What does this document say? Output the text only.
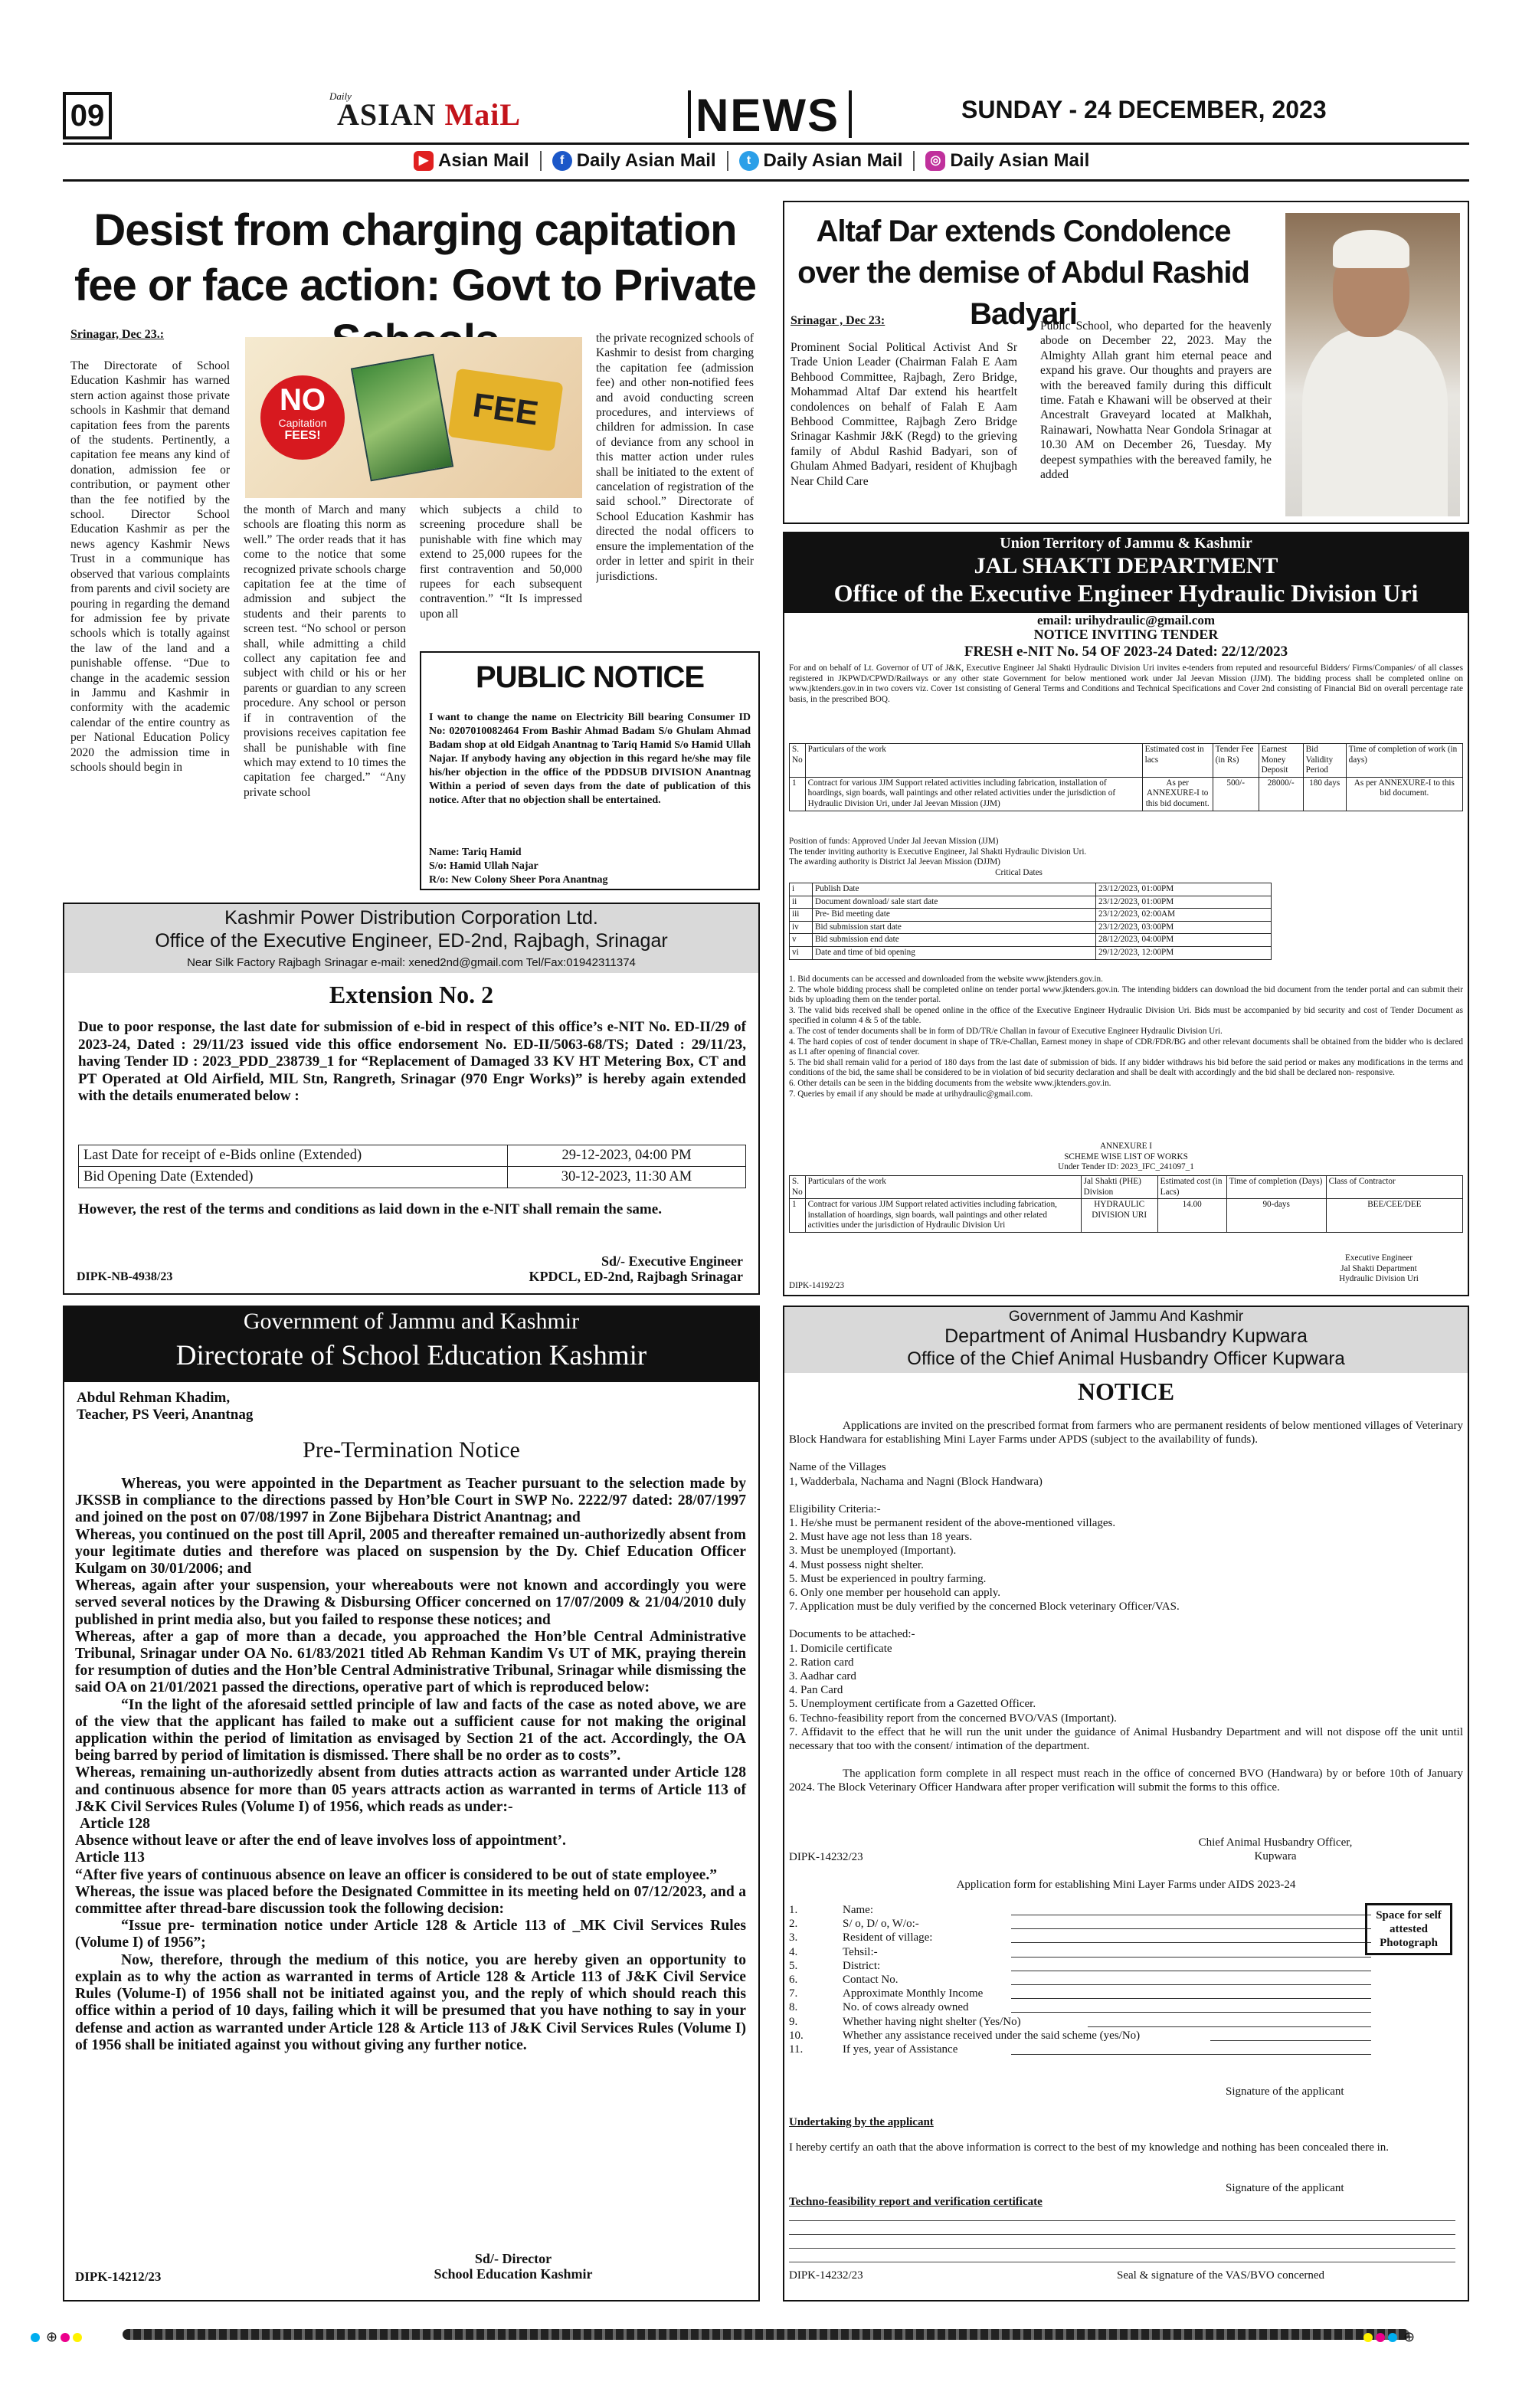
09
Daily
ASIAN MaiL	NEWS	SUNDAY - 24 DECEMBER, 2023
▶ Asian Mail	f Daily Asian Mail	t Daily Asian Mail	◎ Daily Asian Mail
Desist from charging capitation fee or face action: Govt to Private
Srinagar, Dec 23.:
The Directorate of School Education Kashmir has warned stern action against those private schools in Kashmir that demand capitation fees from the parents of the students. Pertinently, a capitation fee means any kind of donation, admission fee or contribution, or payment other than the fee notified by the school. Director School Education Kashmir as per the news agency Kashmir News Trust in a communique has observed that various complaints from parents and civil society are pouring in regarding the demand for admission fee by private schools which is totally against the law of the land and a punishable offense. “Due to change in the academic session in Jammu and Kashmir in conformity with the academic calendar of the entire country as per National Education Policy 2020 the admission time in schools should begin in
NO
Capitation
FEES!
FEE
the month of March and many schools are floating this norm as well.” The order reads that it has come to the notice that some recognized private schools charge capitation fee at the time of admission and subject the students and their parents to screen test. “No school or person shall, while admitting a child collect any capitation fee and subject with child or his or her parents or guardian to any screen procedure. Any school or person if in contravention of the provisions receives capitation fee shall be punishable with fine which may extend to 10 times the capitation fee charged.” “Any private school
which subjects a child to screening procedure shall be punishable with fine which may extend to 25,000 rupees for the first contravention and 50,000 rupees for each subsequent contravention.” “It Is impressed upon all
the private recognized schools of Kashmir to desist from charging the capitation fee (admission fee) and other non-notified fees and avoid conducting screen procedures, and interviews of children for admission. In case of deviance from any school in this matter action under rules shall be initiated to the extent of cancelation of registration of the said school.” Directorate of School Education Kashmir has directed the nodal officers to ensure the implementation of the order in letter and spirit in their jurisdictions.
PUBLIC NOTICE
I want to change the name on Electricity Bill bearing Consumer ID No: 0207010082464 From Bashir Ahmad Badam S/o Ghulam Ahmad Badam shop at old Eidgah Anantnag to Tariq Hamid S/o Hamid Ullah Najar. If anybody having any objection in this regard he/she may file his/her objection in the office of the PDDSUB DIVISION Anantnag Within a period of seven days from the date of publication of this notice. After that no objection shall be entertained.
Name: Tariq Hamid
S/o: Hamid Ullah Najar
R/o: New Colony Sheer Pora Anantnag
Altaf Dar extends Condolence over the demise of Abdul Rashid Badyari
Srinagar , Dec 23:
Prominent Social Political Activist And Sr Trade Union Leader (Chairman Falah E Aam Behbood Committee, Rajbagh, Zero Bridge, Mohammad Altaf Dar extend his heartfelt condolences on behalf of Falah E Aam Behbood Committee, Rajbagh Zero Bridge Srinagar Kashmir J&K (Regd) to the grieving family of Abdul Rashid Badyari, son of Ghulam Ahmed Badyari, resident of Khujbagh Near Child Care
Public School, who departed for the heavenly abode on December 22, 2023. May the Almighty Allah grant him eternal peace and expand his grave. Our thoughts and prayers are with the bereaved family during this difficult time. Fatah e Khawani will be observed at their Ancestralt Graveyard located at Malkhah, Rainawari, Nowhatta Near Gondola Srinagar at 10.30 AM on December 26, Tuesday. My deepest sympathies with the bereaved family, he added
Union Territory of Jammu & Kashmir
JAL SHAKTI DEPARTMENT
Office of the Executive Engineer Hydraulic Division Uri
email: urihydraulic@gmail.com
NOTICE INVITING TENDER
FRESH e-NIT No. 54 OF 2023-24 Dated: 22/12/2023
For and on behalf of Lt. Governor of UT of J&K, Executive Engineer Jal Shakti Hydraulic Division Uri invites e-tenders from reputed and resourceful Bidders/ Firms/Companies/ of all classes registered in JKPWD/CPWD/Railways or any other state Government for below mentioned work under Jal Jeevan Mission (JJM). The bidding process shall be completed online on www.jktenders.gov.in in two covers viz. Cover 1st consisting of General Terms and Conditions and Technical Specifications and Cover 2nd consisting of Financial Bid on overall percentage rate basis, in the prescribed BOQ.
S. No	Particulars of the work	Estimated cost in lacs	Tender Fee (in Rs)	Earnest Money Deposit	Bid Validity Period	Time of completion of work (in days)
1	Contract for various JJM Support related activities including fabrication, installation of hoardings, sign boards, wall paintings and other related activities under the jurisdiction of Hydraulic Division Uri, under Jal Jeevan Mission (JJM)	As per ANNEXURE-I to this bid document.	500/-	28000/-	180 days	As per ANNEXURE-I to this bid document.
Position of funds: Approved Under Jal Jeevan Mission (JJM)
The tender inviting authority is Executive Engineer, Jal Shakti Hydraulic Division Uri.
The awarding authority is District Jal Jeevan Mission (DJJM)
Critical Dates
i	Publish Date	23/12/2023, 01:00PM
ii	Document download/ sale start date	23/12/2023, 01:00PM
iii	Pre- Bid meeting date	23/12/2023, 02:00AM
iv	Bid submission start date	23/12/2023, 03:00PM
v	Bid submission end date	28/12/2023, 04:00PM
vi	Date and time of bid opening	29/12/2023, 12:00PM
1. Bid documents can be accessed and downloaded from the website www.jktenders.gov.in.
2. The whole bidding process shall be completed online on tender portal www.jktenders.gov.in. The intending bidders can download the bid document from the tender portal and can submit their bids by uploading them on the tender portal.
3. The valid bids received shall be opened online in the office of the Executive Engineer Hydraulic Division Uri. Bids must be accompanied by bid security and cost of Tender Document as specified in column 4 & 5 of the table.
a. The cost of tender documents shall be in form of DD/TR/e Challan in favour of Executive Engineer Hydraulic Division Uri.
4. The hard copies of cost of tender document in shape of TR/e-Challan, Earnest money in shape of CDR/FDR/BG and other relevant documents shall be obtained from the bidder who is declared as L1 after opening of financial cover.
5. The bid shall remain valid for a period of 180 days from the last date of submission of bids. If any bidder withdraws his bid before the said period or makes any modifications in the terms and conditions of the bid, the same shall be considered to be in violation of bid security declaration and shall be dealt with accordingly and the bid shall be declared non- responsive.
6. Other details can be seen in the bidding documents from the website www.jktenders.gov.in.
7. Queries by email if any should be made at urihydraulic@gmail.com.
ANNEXURE I
SCHEME WISE LIST OF WORKS
Under Tender ID: 2023_IFC_241097_1
S. No	Particulars of the work	Jal Shakti (PHE) Division	Estimated cost (in Lacs)	Time of completion (Days)	Class of Contractor
1	Contract for various JJM Support related activities including fabrication, installation of hoardings, sign boards, wall paintings and other related activities under the jurisdiction of Hydraulic Division Uri	HYDRAULIC DIVISION URI	14.00	90-days	BEE/CEE/DEE
Executive Engineer
Jal Shakti Department
Hydraulic Division Uri
DIPK-14192/23
Kashmir Power Distribution Corporation Ltd.
Office of the Executive Engineer, ED-2nd, Rajbagh, Srinagar
Near Silk Factory Rajbagh Srinagar e-mail: xened2nd@gmail.com Tel/Fax:01942311374
Extension No. 2
Due to poor response, the last date for submission of e-bid in respect of this office’s e-NIT No. ED-II/29 of 2023-24, Dated : 29/11/23 issued vide this office endorsement No. ED-II/5063-68/TS; Dated : 29/11/23, having Tender ID : 2023_PDD_238739_1 for “Replacement of Damaged 33 KV HT Metering Box, CT and PT Operated at Old Airfield, MIL Stn, Rangreth, Srinagar (970 Engr Works)” is hereby again extended with the details enumerated below :
Last Date for receipt of e-Bids online (Extended)	29-12-2023, 04:00 PM
Bid Opening Date (Extended)	30-12-2023, 11:30 AM
However, the rest of the terms and conditions as laid down in the e-NIT shall remain the same.
Sd/- Executive Engineer
KPDCL, ED-2nd, Rajbagh Srinagar
DIPK-NB-4938/23
Government of Jammu and Kashmir
Directorate of School Education Kashmir
Abdul Rehman Khadim,
Teacher, PS Veeri, Anantnag
Pre-Termination Notice
Whereas, you were appointed in the Department as Teacher pursuant to the selection made by JKSSB in compliance to the directions passed by Hon’ble Court in SWP No. 2222/97 dated: 28/07/1997 and joined on the post on 07/08/1997 in Zone Bijbehara District Anantnag; and
Whereas, you continued on the post till April, 2005 and thereafter remained un-authorizedly absent from your legitimate duties and therefore was placed on suspension by the Dy. Chief Education Officer Kulgam on 30/01/2006; and
Whereas, again after your suspension, your whereabouts were not known and accordingly you were served several notices by the Drawing & Disbursing Officer concerned on 17/07/2009 & 21/04/2010 duly published in print media also, but you failed to response these notices; and
Whereas, after a gap of more than a decade, you approached the Hon’ble Central Administrative Tribunal, Srinagar under OA No. 61/83/2021 titled Ab Rehman Kandim Vs UT of MK, praying therein for resumption of duties and the Hon’ble Central Administrative Tribunal, Srinagar while dismissing the said OA on 21/01/2021 passed the directions, operative part of which is reproduced below:
“In the light of the aforesaid settled principle of law and facts of the case as noted above, we are of the view that the applicant has failed to make out a sufficient cause for not making the original application within the period of limitation as envisaged by Section 21 of the act. Accordingly, the OA being barred by period of limitation is dismissed. There shall be no order as to costs”.
Whereas, remaining un-authorizedly absent from duties attracts action as warranted under Article 128 and continuous absence for more than 05 years attracts action as warranted in terms of Article 113 of J&K Civil Services Rules (Volume I) of 1956, which reads as under:-
Article 128
Absence without leave or after the end of leave involves loss of appointment’.
Article 113
“After five years of continuous absence on leave an officer is considered to be out of state employee.”
Whereas, the issue was placed before the Designated Committee in its meeting held on 07/12/2023, and a committee after thread-bare discussion took the following decision:
“Issue pre- termination notice under Article 128 & Article 113 of _MK Civil Services Rules (Volume I) of 1956”;
Now, therefore, through the medium of this notice, you are hereby given an opportunity to explain as to why the action as warranted in terms of Article 128 & Article 113 of J&K Civil Service Rules (Volume-I) of 1956 shall not be initiated against you, and the reply of which should reach this office within a period of 10 days, failing which it will be presumed that you have nothing to say in your defense and action as warranted under Article 128 & Article 113 of J&K Civil Services Rules (Volume I) of 1956 shall be initiated against you without giving any further notice.
Sd/- Director
School Education Kashmir
DIPK-14212/23
Government of Jammu And Kashmir
Department of Animal Husbandry Kupwara
Office of the Chief Animal Husbandry Officer Kupwara
NOTICE
Applications are invited on the prescribed format from farmers who are permanent residents of below mentioned villages of Veterinary Block Handwara for establishing Mini Layer Farms under APDS (subject to the availability of funds).
Name of the Villages
1, Wadderbala, Nachama and Nagni (Block Handwara)
Eligibility Criteria:-
1. He/she must be permanent resident of the above-mentioned villages.
2. Must have age not less than 18 years.
3. Must be unemployed (Important).
4. Must possess night shelter.
5. Must be experienced in poultry farming.
6. Only one member per household can apply.
7. Application must be duly verified by the concerned Block veterinary Officer/VAS.
Documents to be attached:-
1. Domicile certificate
2. Ration card
3. Aadhar card
4. Pan Card
5. Unemployment certificate from a Gazetted Officer.
6. Techno-feasibility report from the concerned BVO/VAS (Important).
7. Affidavit to the effect that he will run the unit under the guidance of Animal Husbandry Department and will not dispose off the unit until necessary that too with the consent/ intimation of the department.
The application form complete in all respect must reach in the office of concerned BVO (Handwara) by or before 10th of January 2024. The Block Veterinary Officer Handwara after proper verification will submit the forms to this office.
Chief Animal Husbandry Officer,
Kupwara
DIPK-14232/23
Application form for establishing Mini Layer Farms under AIDS 2023-24
1.	Name:
2.	S/ o, D/ o, W/o:-
3.	Resident of village:
4.	Tehsil:-
5.	District:
6.	Contact No.
7.	Approximate Monthly Income
8.	No. of cows already owned
9.	Whether having night shelter (Yes/No)
10.	Whether any assistance received under the said scheme (yes/No)
11.	If yes, year of Assistance
Space for self attested Photograph
Signature of the applicant
Undertaking by the applicant
I hereby certify an oath that the above information is correct to the best of my knowledge and nothing has been concealed there in.
Signature of the applicant
Techno-feasibility report and verification certificate
DIPK-14232/23	Seal & signature of the VAS/BVO concerned
⊕	⊕
